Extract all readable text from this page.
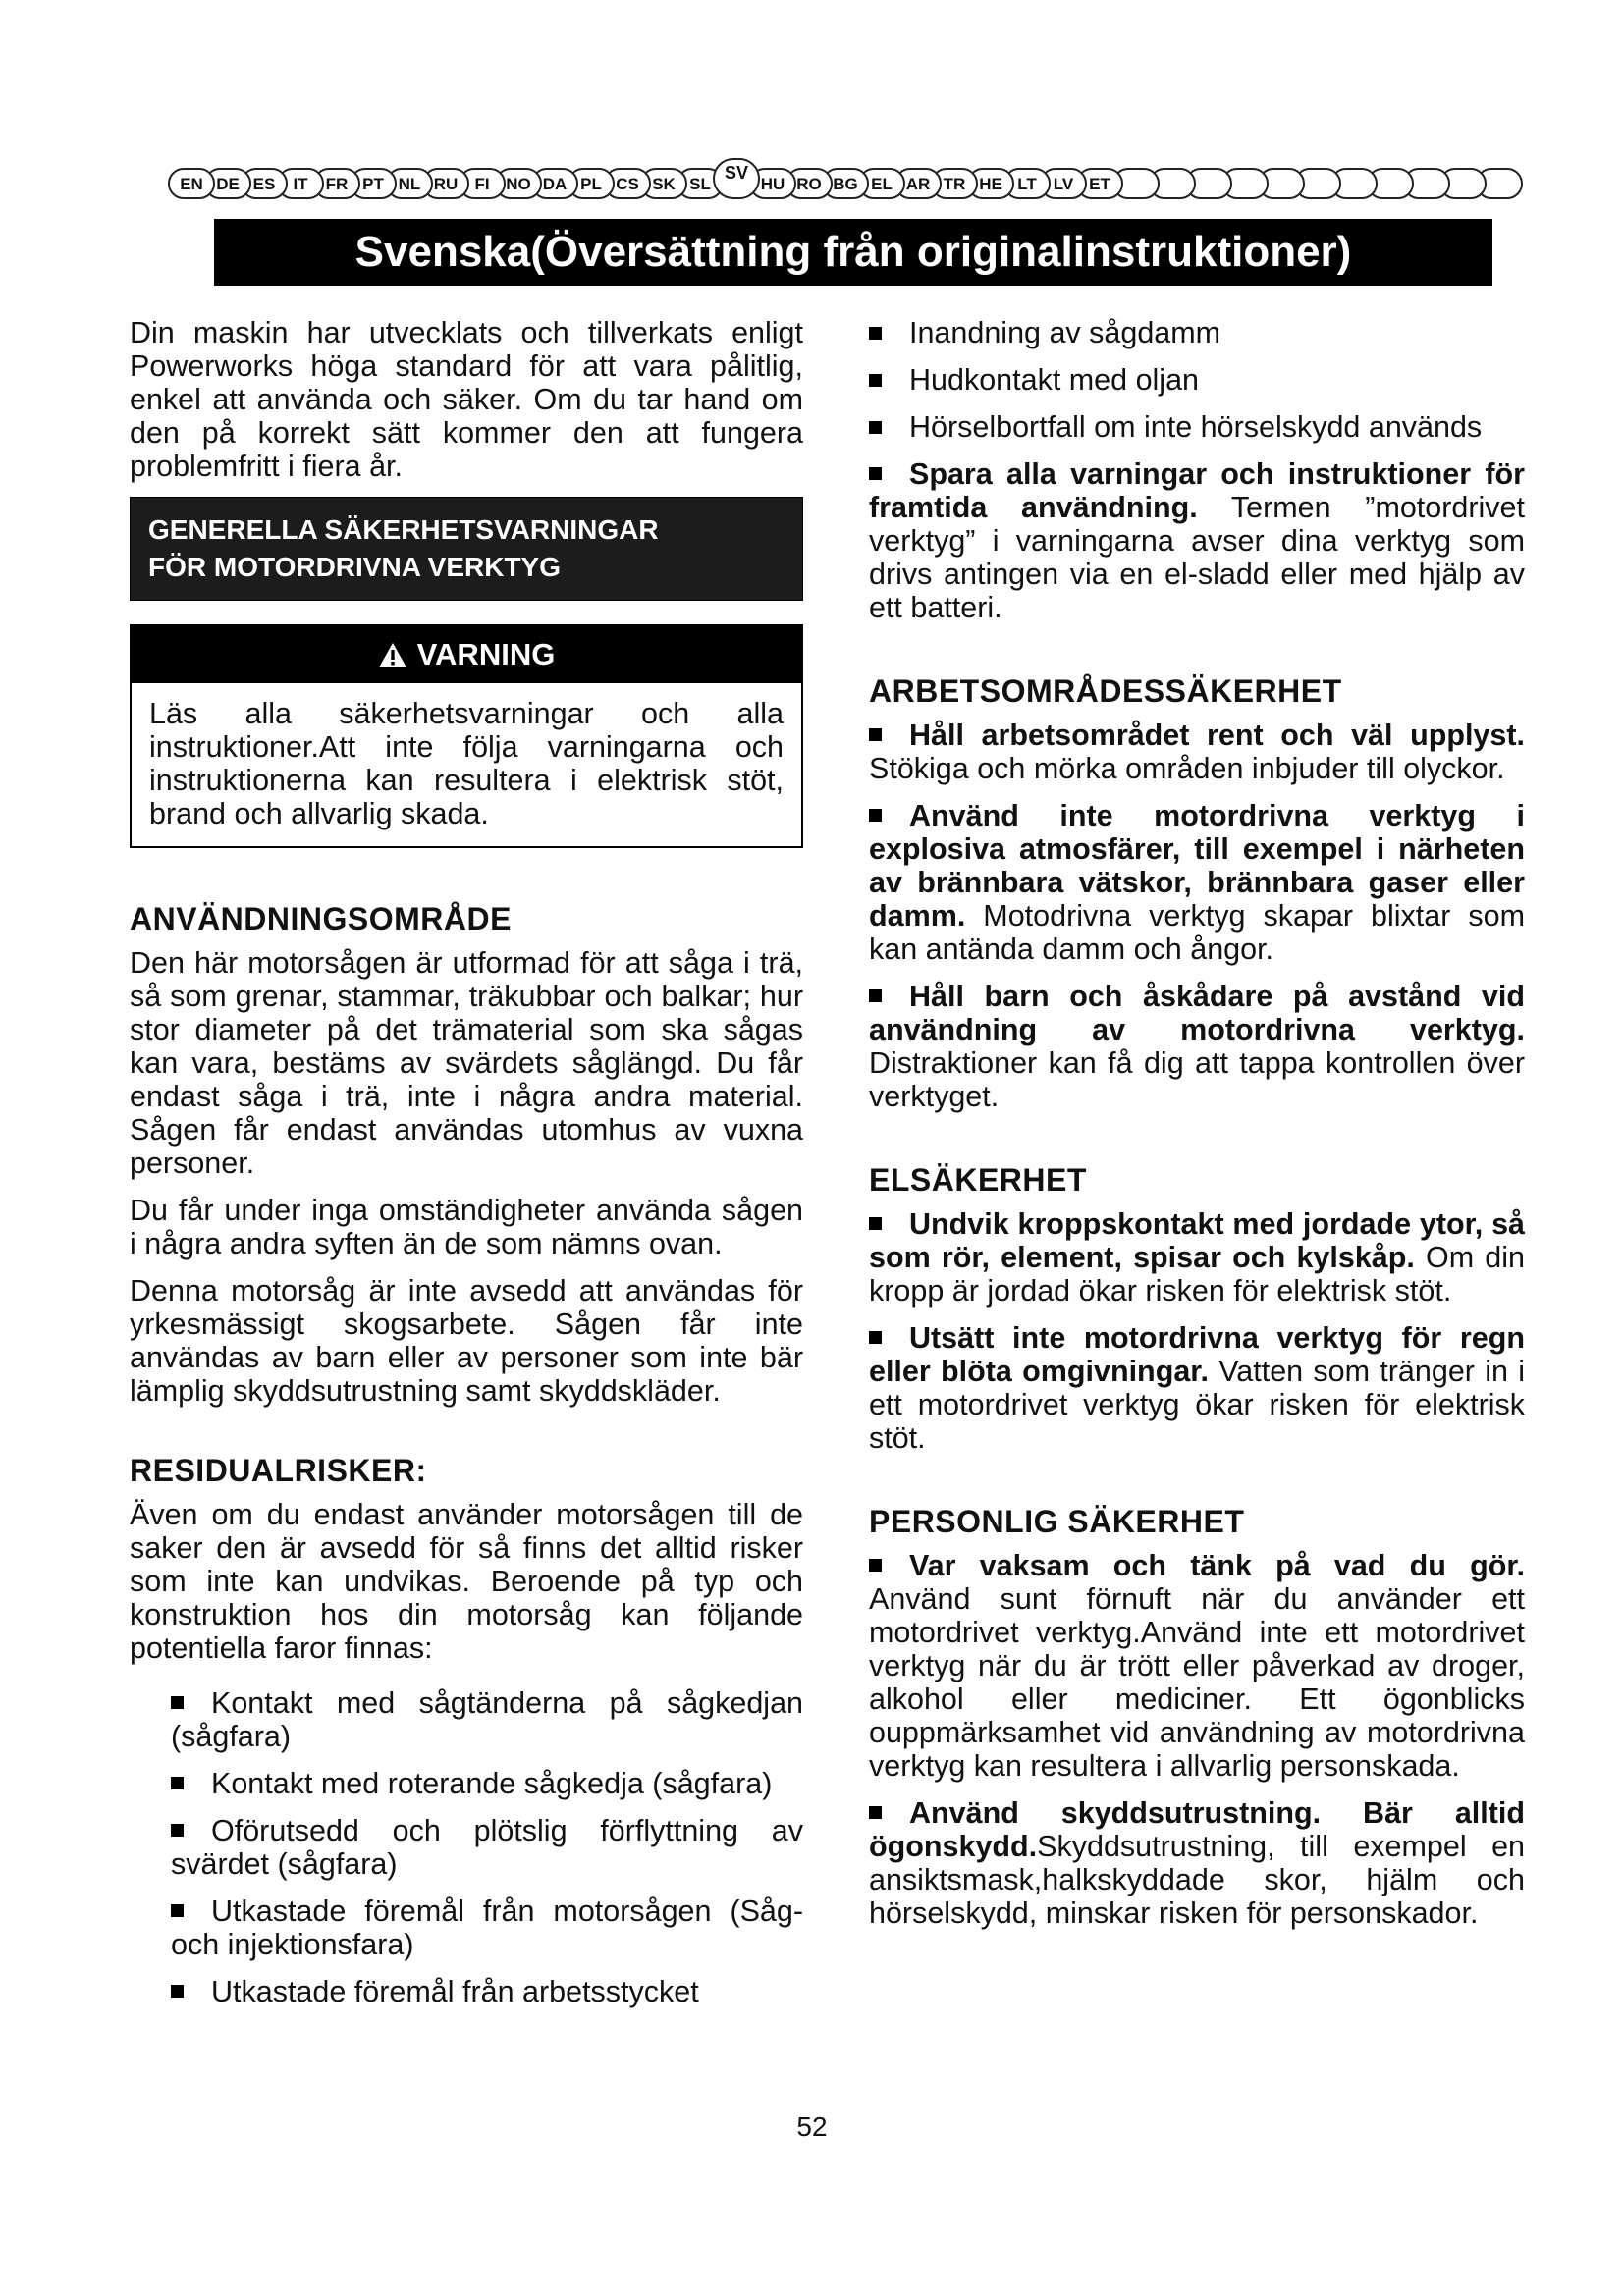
ET
LV
LT
HE
TR
AR
EL
BG
RO
HU
SL
SK
CS
PL
DA
NO
FI
RU
NL
PT
FR
IT
ES
DE
EN
SV
Svenska(Översättning från originalinstruktioner)

Din maskin har utvecklats och tillverkats enligt Powerworks höga standard för att vara pålitlig, enkel att använda och säker. Om du tar hand om den på korrekt sätt kommer den att fungera problemfritt i fiera år.

GENERELLA SÄKERHETSVARNINGAR
FÖR MOTORDRIVNA VERKTYG
VARNING
Läs alla säkerhetsvarningar och alla instruktioner.Att inte följa varningarna och instruktionerna kan resultera i elektrisk stöt, brand och allvarlig skada.
ANVÄNDNINGSOMRÅDE

Den här motorsågen är utformad för att såga i trä, så som grenar, stammar, träkubbar och balkar; hur stor diameter på det trämaterial som ska sågas kan vara, bestäms av svärdets såglängd. Du får endast såga i trä, inte i några andra material. Sågen får endast användas utomhus av vuxna personer.

Du får under inga omständigheter använda sågen i några andra syften än de som nämns ovan.

Denna motorsåg är inte avsedd att användas för yrkesmässigt skogsarbete. Sågen får inte användas av barn eller av personer som inte bär lämplig skyddsutrustning samt skyddskläder.

RESIDUALRISKER:

Även om du endast använder motorsågen till de saker den är avsedd för så finns det alltid risker som inte kan undvikas. Beroende på typ och konstruktion hos din motorsåg kan följande potentiella faror finnas:

Kontakt med sågtänderna på sågkedjan (sågfara)
Kontakt med roterande sågkedja (sågfara)
Oförutsedd och plötslig förflyttning av svärdet (sågfara)
Utkastade föremål från motorsågen (Såg- och injektionsfara)
Utkastade föremål från arbetsstycket
Inandning av sågdamm
Hudkontakt med oljan
Hörselbortfall om inte hörselskydd används
Spara alla varningar och instruktioner för framtida användning. Termen ”motordrivet verktyg” i varningarna avser dina verktyg som drivs antingen via en el-sladd eller med hjälp av ett batteri.
ARBETSOMRÅDESSÄKERHET
Håll arbetsområdet rent och väl upplyst. Stökiga och mörka områden inbjuder till olyckor.
Använd inte motordrivna verktyg i explosiva atmosfärer, till exempel i närheten av brännbara vätskor, brännbara gaser eller damm. Motodrivna verktyg skapar blixtar som kan antända damm och ångor.
Håll barn och åskådare på avstånd vid användning av motordrivna verktyg. Distraktioner kan få dig att tappa kontrollen över verktyget.
ELSÄKERHET
Undvik kroppskontakt med jordade ytor, så som rör, element, spisar och kylskåp. Om din kropp är jordad ökar risken för elektrisk stöt.
Utsätt inte motordrivna verktyg för regn eller blöta omgivningar. Vatten som tränger in i ett motordrivet verktyg ökar risken för elektrisk stöt.
PERSONLIG SÄKERHET
Var vaksam och tänk på vad du gör. Använd sunt förnuft när du använder ett motordrivet verktyg.Använd inte ett motordrivet verktyg när du är trött eller påverkad av droger, alkohol eller mediciner. Ett ögonblicks ouppmärksamhet vid användning av motordrivna verktyg kan resultera i allvarlig personskada.
Använd skyddsutrustning. Bär alltid ögonskydd.Skyddsutrustning, till exempel en ansiktsmask,halkskyddade skor, hjälm och hörselskydd, minskar risken för personskador.
52
